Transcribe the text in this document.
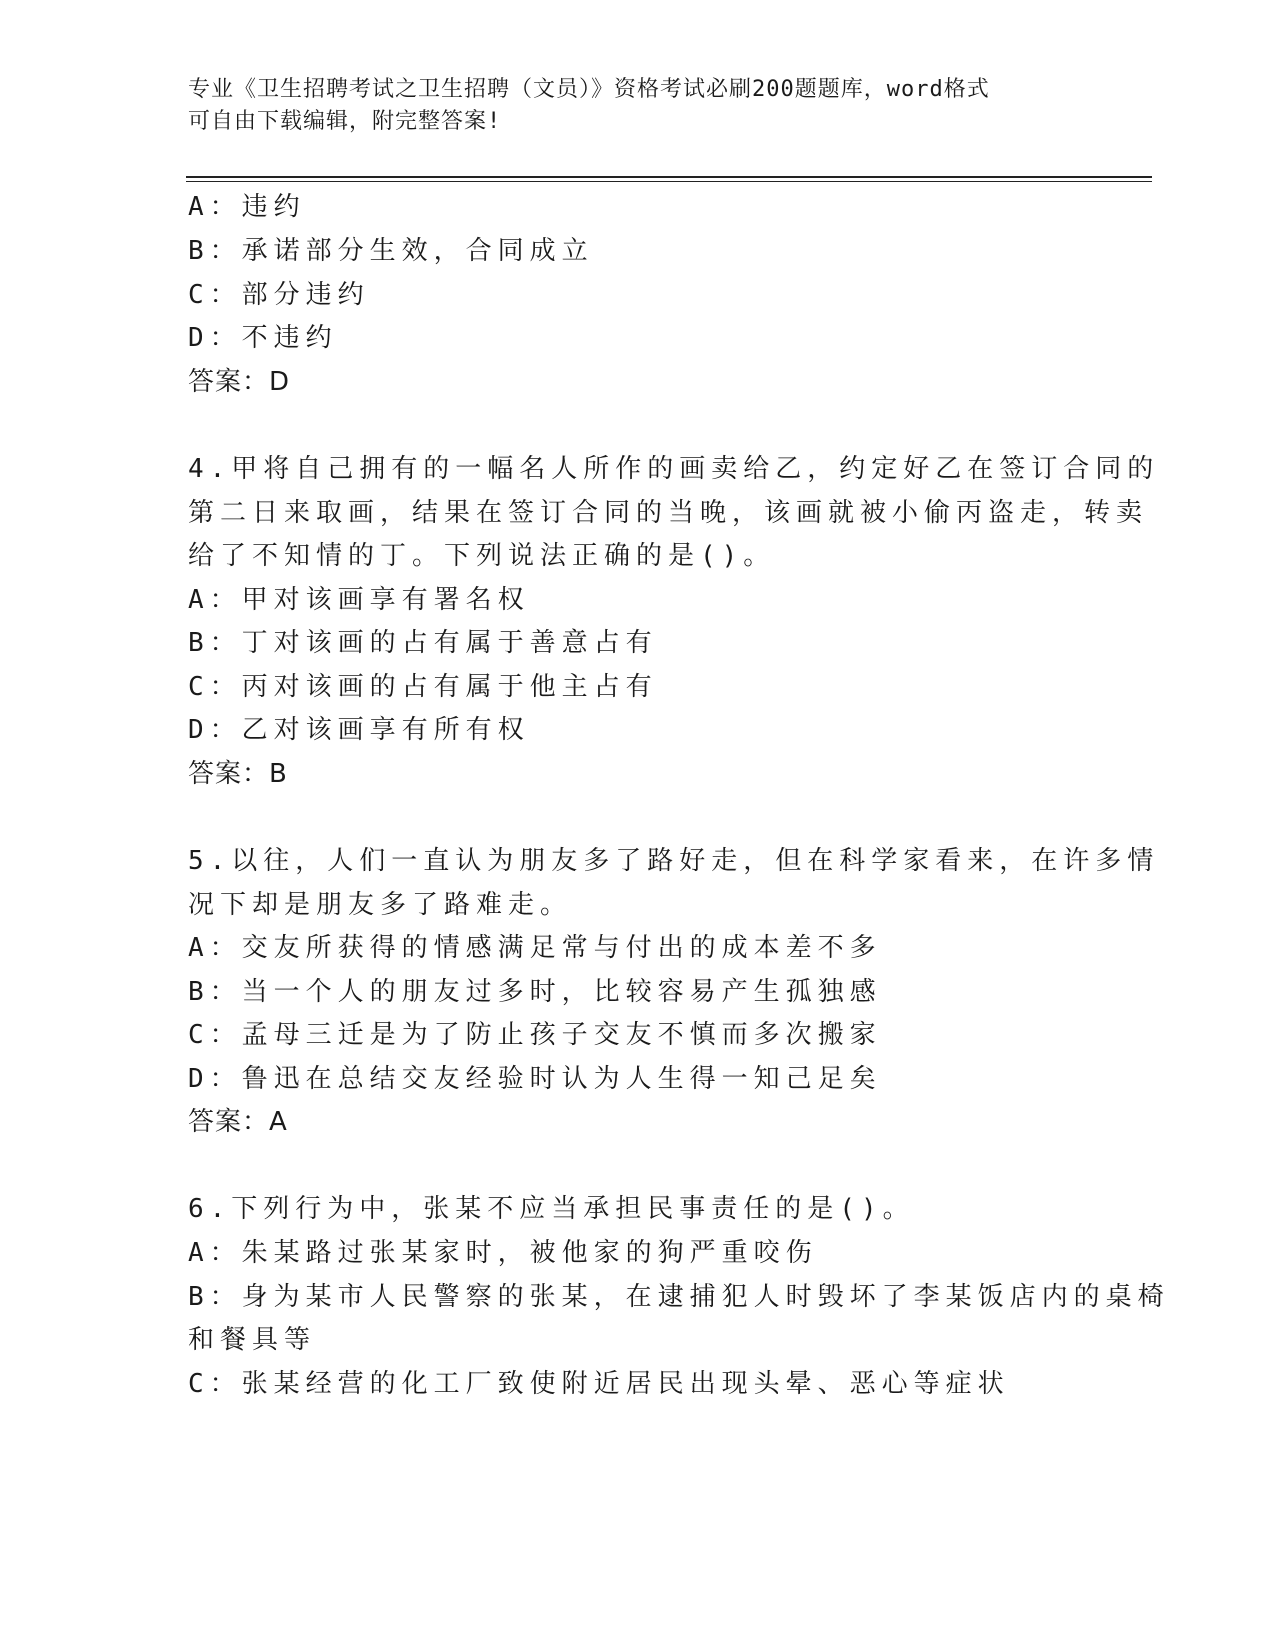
专业《卫生招聘考试之卫生招聘（文员）》资格考试必刷200题题库，word格式
可自由下载编辑，附完整答案!
A：违约
B：承诺部分生效，合同成立
C：部分违约
D：不违约
答案：D
4.甲将自己拥有的一幅名人所作的画卖给乙，约定好乙在签订合同的
第二日来取画，结果在签订合同的当晚，该画就被小偷丙盗走，转卖
给了不知情的丁。下列说法正确的是()。
A：甲对该画享有署名权
B：丁对该画的占有属于善意占有
C：丙对该画的占有属于他主占有
D：乙对该画享有所有权
答案：B
5.以往，人们一直认为朋友多了路好走，但在科学家看来，在许多情
况下却是朋友多了路难走。
A：交友所获得的情感满足常与付出的成本差不多
B：当一个人的朋友过多时，比较容易产生孤独感
C：孟母三迁是为了防止孩子交友不慎而多次搬家
D：鲁迅在总结交友经验时认为人生得一知己足矣
答案：A
6.下列行为中，张某不应当承担民事责任的是()。
A：朱某路过张某家时，被他家的狗严重咬伤
B：身为某市人民警察的张某，在逮捕犯人时毁坏了李某饭店内的桌椅
和餐具等
C：张某经营的化工厂致使附近居民出现头晕、恶心等症状
